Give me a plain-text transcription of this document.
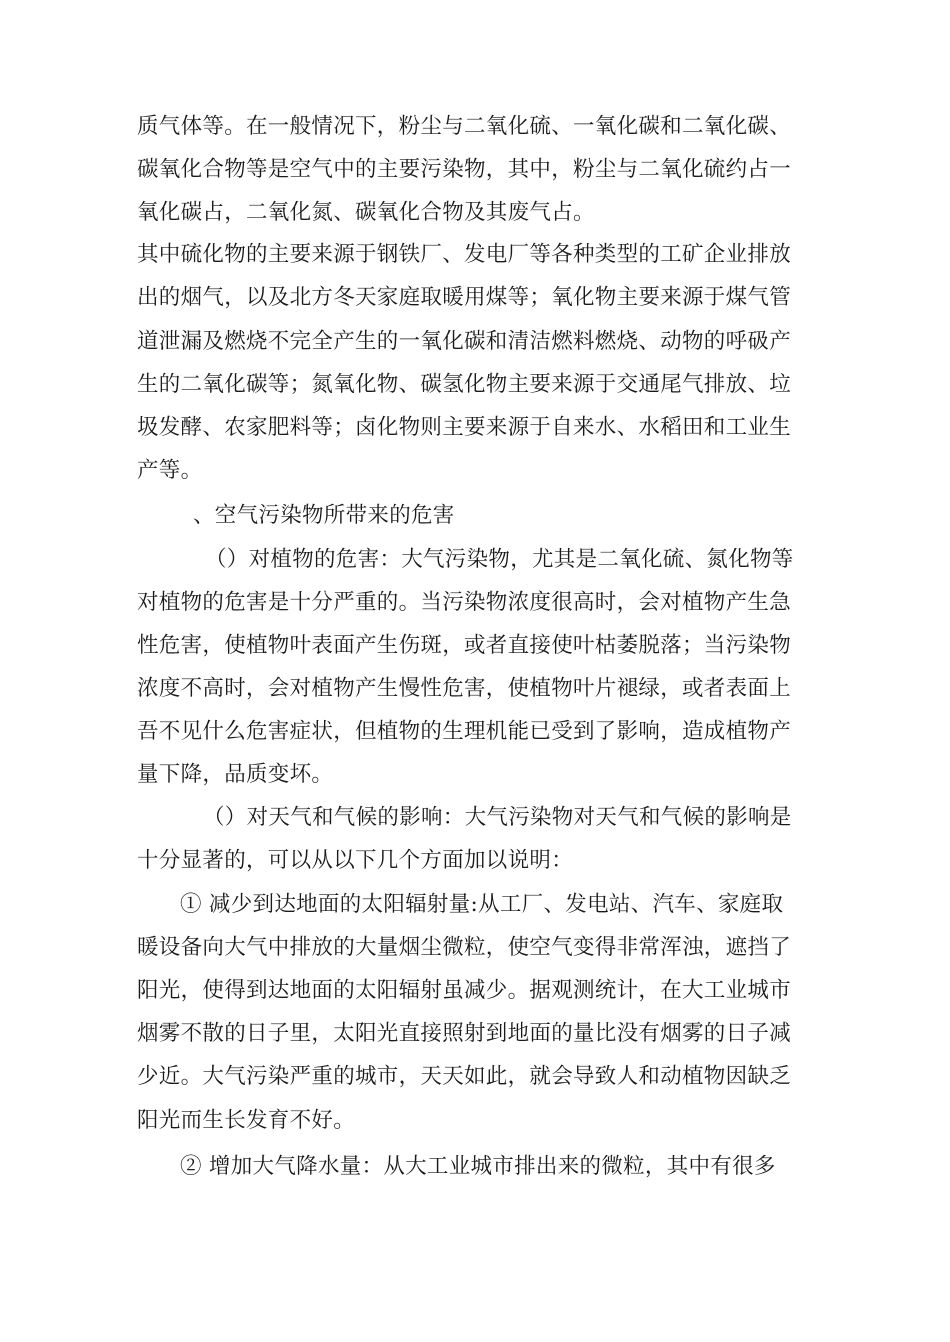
质气体等。在一般情况下，粉尘与二氧化硫、一氧化碳和二氧化碳、

碳氧化合物等是空气中的主要污染物，其中，粉尘与二氧化硫约占一

氧化碳占，二氧化氮、碳氧化合物及其废气占。

其中硫化物的主要来源于钢铁厂、发电厂等各种类型的工矿企业排放

出的烟气，以及北方冬天家庭取暖用煤等；氧化物主要来源于煤气管

道泄漏及燃烧不完全产生的一氧化碳和清洁燃料燃烧、动物的呼砐产

生的二氧化碳等；氮氧化物、碳氢化物主要来源于交通尾气排放、垃

圾发酵、农家肥料等；卤化物则主要来源于自来水、水稻田和工业生

产等。

、空气污染物所带来的危害

（）对植物的危害：大气污染物，尤其是二氧化硫、氮化物等

对植物的危害是十分严重的。当污染物浓度很高时，会对植物产生急

性危害，使植物叶表面产生伤斑，或者直接使叶枯萎脱落；当污染物

浓度不高时，会对植物产生慢性危害，使植物叶片褪绿，或者表面上

吾不见什么危害症状，但植物的生理机能已受到了影响，造成植物产

量下降，品质变坏。

（）对天气和气候的影响：大气污染物对天气和气候的影响是

十分显著的，可以从以下几个方面加以说明：

① 减少到达地面的太阳辐射量:从工厂、发电站、汽车、家庭取

暖设备向大气中排放的大量烟尘微粒，使空气变得非常浑浊，遮挡了

阳光，使得到达地面的太阳辐射虽减少。据观测统计，在大工业城市

烟雾不散的日子里，太阳光直接照射到地面的量比没有烟雾的日子减

少近。大气污染严重的城市，天天如此，就会导致人和动植物因缺乏

阳光而生长发育不好。

② 增加大气降水量：从大工业城市排出来的微粒，其中有很多
